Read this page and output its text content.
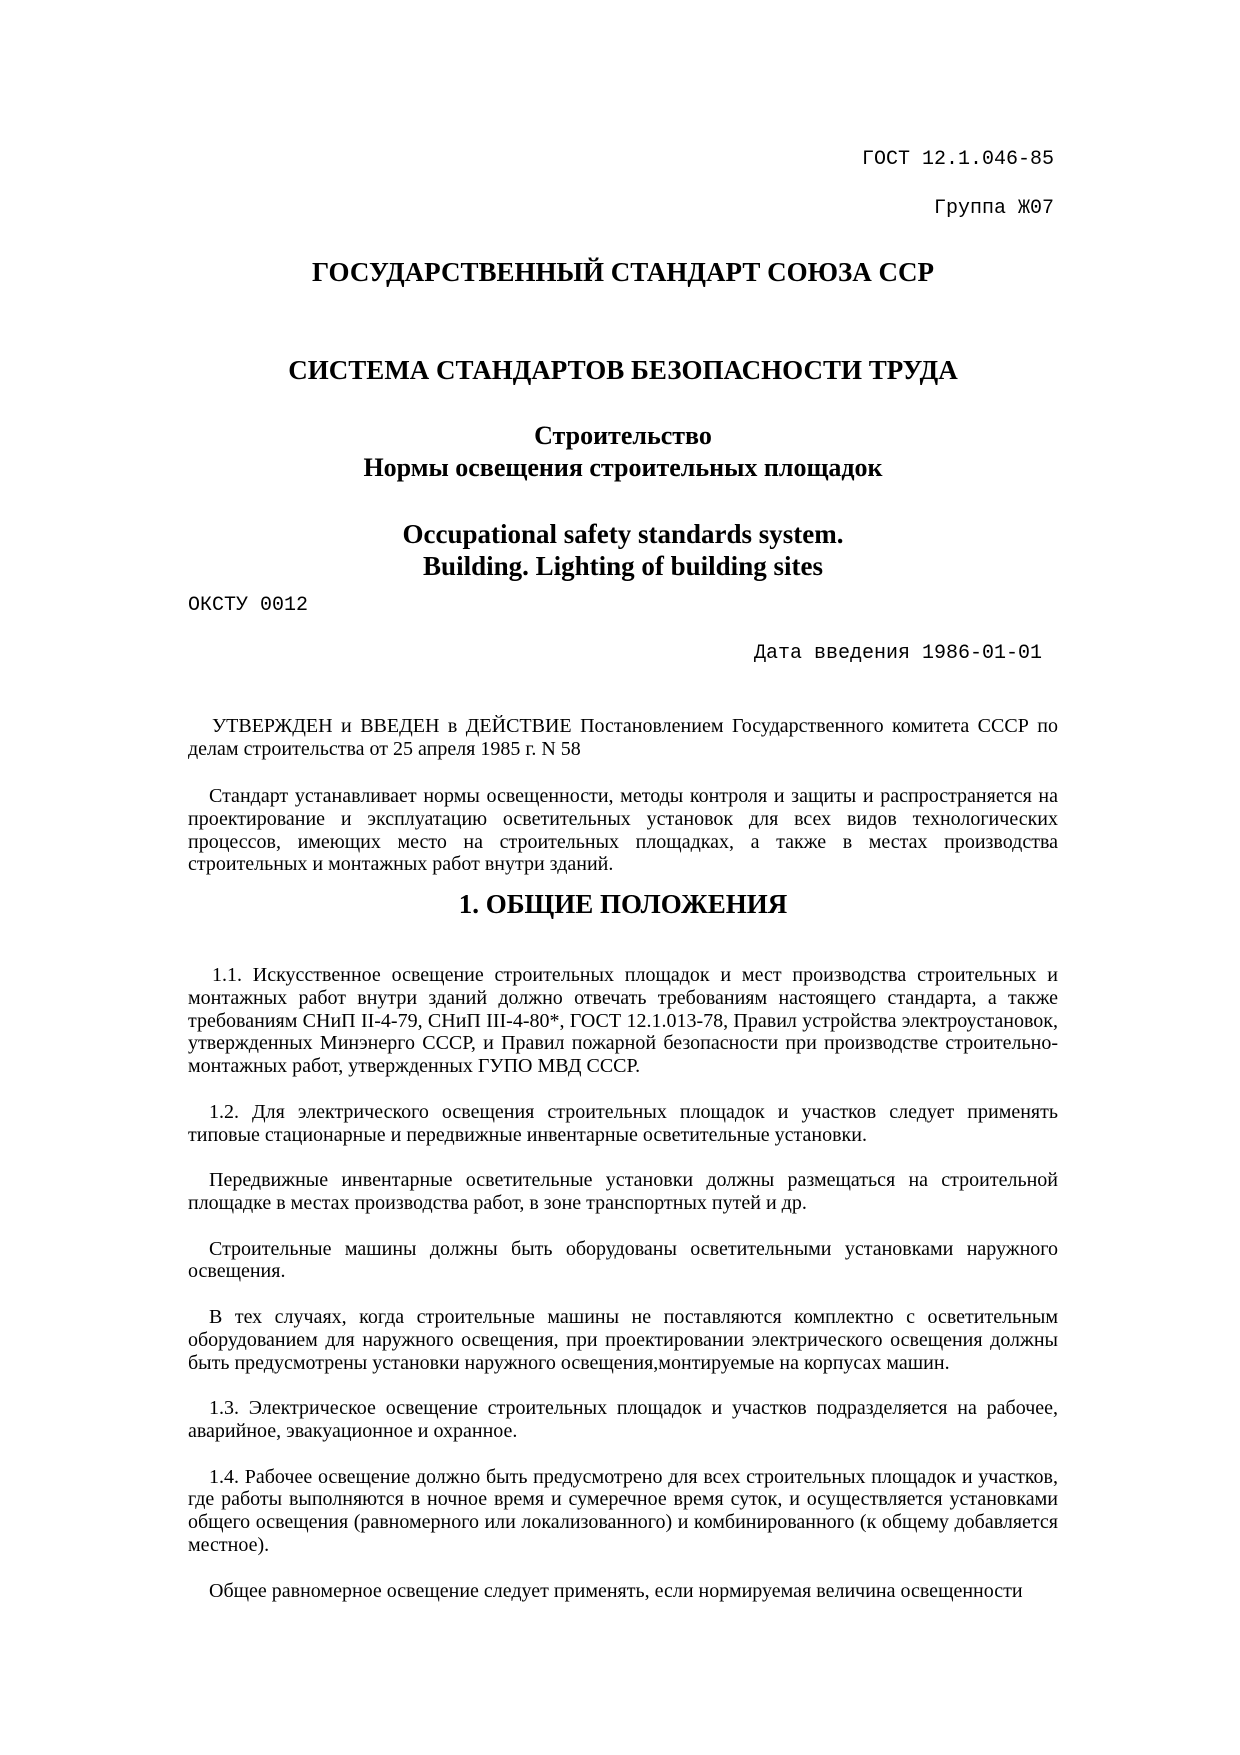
ГОСТ 12.1.046-85
Группа Ж07
ГОСУДАРСТВЕННЫЙ СТАНДАРТ СОЮЗА ССР
СИСТЕМА СТАНДАРТОВ БЕЗОПАСНОСТИ ТРУДА
Строительство
Нормы освещения строительных площадок
Occupational safety standards system.
Building. Lighting of building sites
ОКСТУ 0012
Дата введения 1986-01-01

УТВЕРЖДЕН и ВВЕДЕН в ДЕЙСТВИЕ Постановлением Государственного комитета СССР по делам строительства от 25 апреля 1985 г. N 58

Стандарт устанавливает нормы освещенности, методы контроля и защиты и распространяется на проектирование и эксплуатацию осветительных установок для всех видов технологических процессов, имеющих место на строительных площадках, а также в местах производства строительных и монтажных работ внутри зданий.

1. ОБЩИЕ ПОЛОЖЕНИЯ

1.1. Искусственное освещение строительных площадок и мест производства строительных и монтажных работ внутри зданий должно отвечать требованиям настоящего стандарта, а также требованиям СНиП II-4-79, СНиП III-4-80*, ГОСТ 12.1.013-78, Правил устройства электроустановок, утвержденных Минэнерго СССР, и Правил пожарной безопасности при производстве строительно-монтажных работ, утвержденных ГУПО МВД СССР.

1.2. Для электрического освещения строительных площадок и участков следует применять типовые стационарные и передвижные инвентарные осветительные установки.

Передвижные инвентарные осветительные установки должны размещаться на строительной площадке в местах производства работ, в зоне транспортных путей и др.

Строительные машины должны быть оборудованы осветительными установками наружного освещения.

В тех случаях, когда строительные машины не поставляются комплектно с осветительным оборудованием для наружного освещения, при проектировании электрического освещения должны быть предусмотрены установки наружного освещения,монтируемые на корпусах машин.

1.3. Электрическое освещение строительных площадок и участков подразделяется на рабочее, аварийное, эвакуационное и охранное.

1.4. Рабочее освещение должно быть предусмотрено для всех строительных площадок и участков, где работы выполняются в ночное время и сумеречное время суток, и осуществляется установками общего освещения (равномерного или локализованного) и комбинированного (к общему добавляется местное).

Общее равномерное освещение следует применять, если нормируемая величина освещенности
